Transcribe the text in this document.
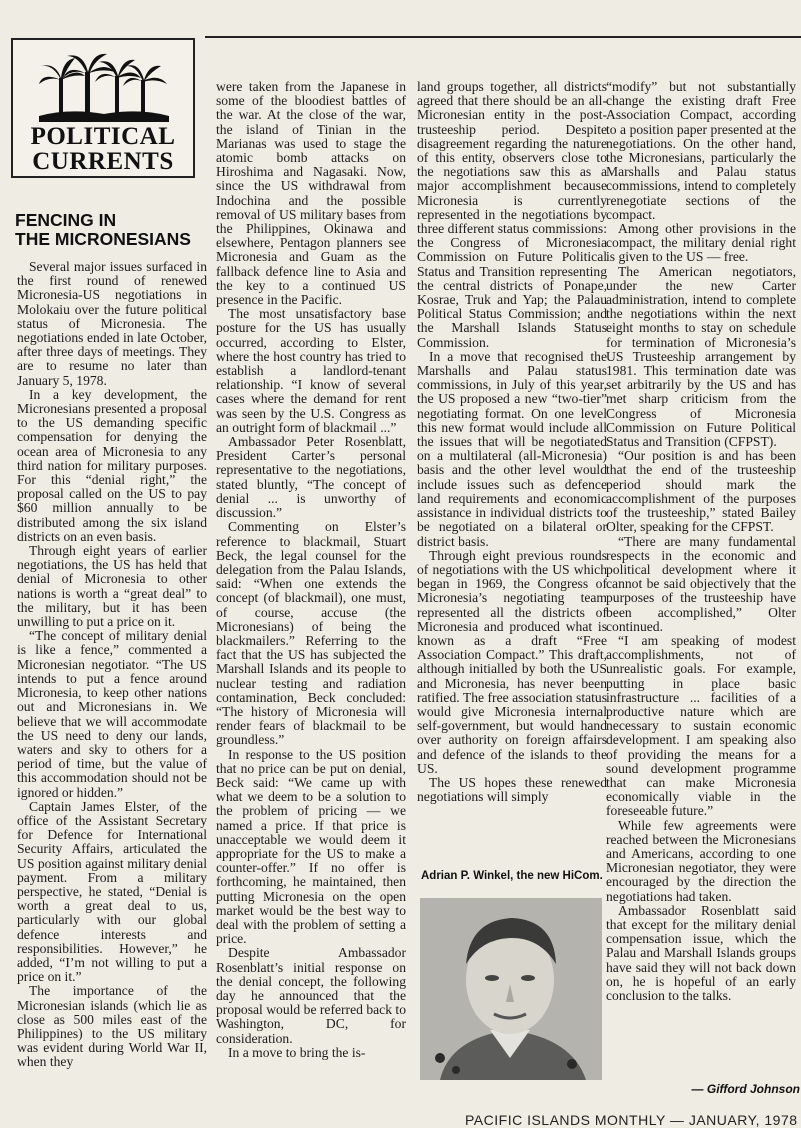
POLITICAL
CURRENTS
FENCING IN
THE MICRONESIANS

Several major issues surfaced in the first round of renewed Micronesia-US negotiations in Molokaiu over the future political status of Micronesia. The negotiations ended in late October, after three days of meetings. They are to resume no later than January 5, 1978.

In a key development, the Micronesians presented a proposal to the US demanding specific compensation for denying the ocean area of Micronesia to any third nation for military purposes. For this “denial right,” the proposal called on the US to pay $60 million annually to be distributed among the six island districts on an even basis.

Through eight years of earlier negotiations, the US has held that denial of Micronesia to other nations is worth a “great deal” to the military, but it has been unwilling to put a price on it.

“The concept of military denial is like a fence,” commented a Micronesian negotiator. “The US intends to put a fence around Micronesia, to keep other nations out and Micronesians in. We believe that we will accommodate the US need to deny our lands, waters and sky to others for a period of time, but the value of this accommodation should not be ignored or hidden.”

Captain James Elster, of the office of the Assistant Secretary for Defence for International Security Affairs, articulated the US position against military denial payment. From a military perspective, he stated, “Denial is worth a great deal to us, particularly with our global defence interests and responsibilities. However,” he added, “I’m not willing to put a price on it.”

The importance of the Micronesian islands (which lie as close as 500 miles east of the Philippines) to the US military was evident during World War II, when they

were taken from the Japanese in some of the bloodiest battles of the war. At the close of the war, the island of Tinian in the Marianas was used to stage the atomic bomb attacks on Hiroshima and Nagasaki. Now, since the US withdrawal from Indochina and the possible removal of US military bases from the Philippines, Okinawa and elsewhere, Pentagon planners see Micronesia and Guam as the fallback defence line to Asia and the key to a continued US presence in the Pacific.

The most unsatisfactory base posture for the US has usually occurred, according to Elster, where the host country has tried to establish a landlord-tenant relationship. “I know of several cases where the demand for rent was seen by the U.S. Congress as an outright form of blackmail ...”

Ambassador Peter Rosenblatt, President Carter’s personal representative to the negotiations, stated bluntly, “The concept of denial ... is unworthy of discussion.”

Commenting on Elster’s reference to blackmail, Stuart Beck, the legal counsel for the delegation from the Palau Islands, said: “When one extends the concept (of blackmail), one must, of course, accuse (the Micronesians) of being the blackmailers.” Referring to the fact that the US has subjected the Marshall Islands and its people to nuclear testing and radiation contamination, Beck concluded: “The history of Micronesia will render fears of blackmail to be groundless.”

In response to the US position that no price can be put on denial, Beck said: “We came up with what we deem to be a solution to the problem of pricing — we named a price. If that price is unacceptable we would deem it appropriate for the US to make a counter-offer.” If no offer is forthcoming, he maintained, then putting Micronesia on the open market would be the best way to deal with the problem of setting a price.

Despite Ambassador Rosenblatt’s initial response on the denial concept, the following day he announced that the proposal would be referred back to Washington, DC, for consideration.

In a move to bring the is-

land groups together, all districts agreed that there should be an all-Micronesian entity in the post-trusteeship period. Despite disagreement regarding the nature of this entity, observers close to the negotiations saw this as a major accomplishment because Micronesia is currently represented in the negotiations by three different status commissions: the Congress of Micronesia Commission on Future Political Status and Transition representing the central districts of Ponape, Kosrae, Truk and Yap; the Palau Political Status Commission; and the Marshall Islands Status Commission.

In a move that recognised the Marshalls and Palau status commissions, in July of this year, the US proposed a new “two-tier” negotiating format. On one level this new format would include all the issues that will be negotiated on a multilateral (all-Micronesia) basis and the other level would include issues such as defence land requirements and economic assistance in individual districts to be negotiated on a bilateral or district basis.

Through eight previous rounds of negotiations with the US which began in 1969, the Congress of Micronesia’s negotiating team represented all the districts of Micronesia and produced what is known as a draft “Free Association Compact.” This draft, although initialled by both the US and Micronesia, has never been ratified. The free association status would give Micronesia internal self-government, but would hand over authority on foreign affairs and defence of the islands to the US.

The US hopes these renewed negotiations will simply

Adrian P. Winkel, the new HiCom.

“modify” but not substantially change the existing draft Free Association Compact, according to a position paper presented at the negotiations. On the other hand, the Micronesians, particularly the Marshalls and Palau status commissions, intend to completely renegotiate sections of the compact.

Among other provisions in the compact, the military denial right is given to the US — free.

The American negotiators, under the new Carter administration, intend to complete the negotiations within the next eight months to stay on schedule for termination of Micronesia’s US Trusteeship arrangement by 1981. This termination date was set arbitrarily by the US and has met sharp criticism from the Congress of Micronesia Commission on Future Political Status and Transition (CFPST).

“Our position is and has been that the end of the trusteeship period should mark the accomplishment of the purposes of the trusteeship,” stated Bailey Olter, speaking for the CFPST.

“There are many fundamental respects in the economic and political development where it cannot be said objectively that the purposes of the trusteeship have been accomplished,” Olter continued.

“I am speaking of modest accomplishments, not of unrealistic goals. For example, putting in place basic infrastructure ... facilities of a productive nature which are necessary to sustain economic development. I am speaking also of providing the means for a sound development programme that can make Micronesia economically viable in the foreseeable future.”

While few agreements were reached between the Micronesians and Americans, according to one Micronesian negotiator, they were encouraged by the direction the negotiations had taken.

Ambassador Rosenblatt said that except for the military denial compensation issue, which the Palau and Marshall Islands groups have said they will not back down on, he is hopeful of an early conclusion to the talks.

— Gifford Johnson
PACIFIC ISLANDS MONTHLY — JANUARY, 1978
